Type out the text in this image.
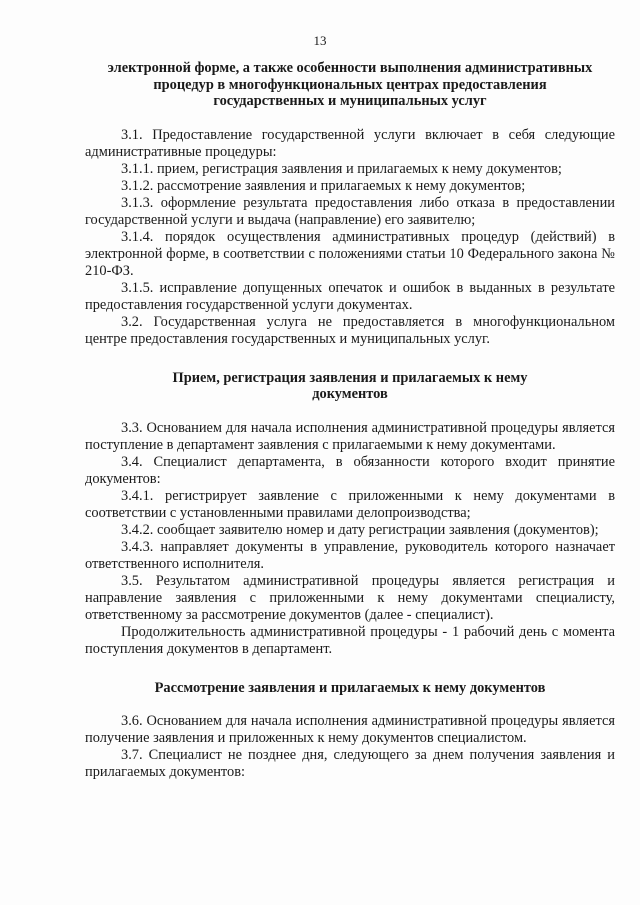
13
электронной форме, а также особенности выполнения административных
процедур в многофункциональных центрах предоставления
государственных и муниципальных услуг

3.1. Предоставление государственной услуги включает в себя следующие административные процедуры:

3.1.1. прием, регистрация заявления и прилагаемых к нему документов;

3.1.2. рассмотрение заявления и прилагаемых к нему документов;

3.1.3. оформление результата предоставления либо отказа в предоставлении государственной услуги и выдача (направление) его заявителю;

3.1.4. порядок осуществления административных процедур (действий) в электронной форме, в соответствии с положениями статьи 10 Федерального закона № 210-ФЗ.

3.1.5. исправление допущенных опечаток и ошибок в выданных в результате предоставления государственной услуги документах.

3.2. Государственная услуга не предоставляется в многофункциональном центре предоставления государственных и муниципальных услуг.

Прием, регистрация заявления и прилагаемых к нему
документов

3.3. Основанием для начала исполнения административной процедуры является поступление в департамент заявления с прилагаемыми к нему документами.

3.4. Специалист департамента, в обязанности которого входит принятие документов:

3.4.1. регистрирует заявление с приложенными к нему документами в соответствии с установленными правилами делопроизводства;

3.4.2. сообщает заявителю номер и дату регистрации заявления (документов);

3.4.3. направляет документы в управление, руководитель которого назначает ответственного исполнителя.

3.5. Результатом административной процедуры является регистрация и направление заявления с приложенными к нему документами специалисту, ответственному за рассмотрение документов (далее - специалист).

Продолжительность административной процедуры - 1 рабочий день с момента поступления документов в департамент.

Рассмотрение заявления и прилагаемых к нему документов

3.6. Основанием для начала исполнения административной процедуры является получение заявления и приложенных к нему документов специалистом.

3.7. Специалист не позднее дня, следующего за днем получения заявления и прилагаемых документов:
